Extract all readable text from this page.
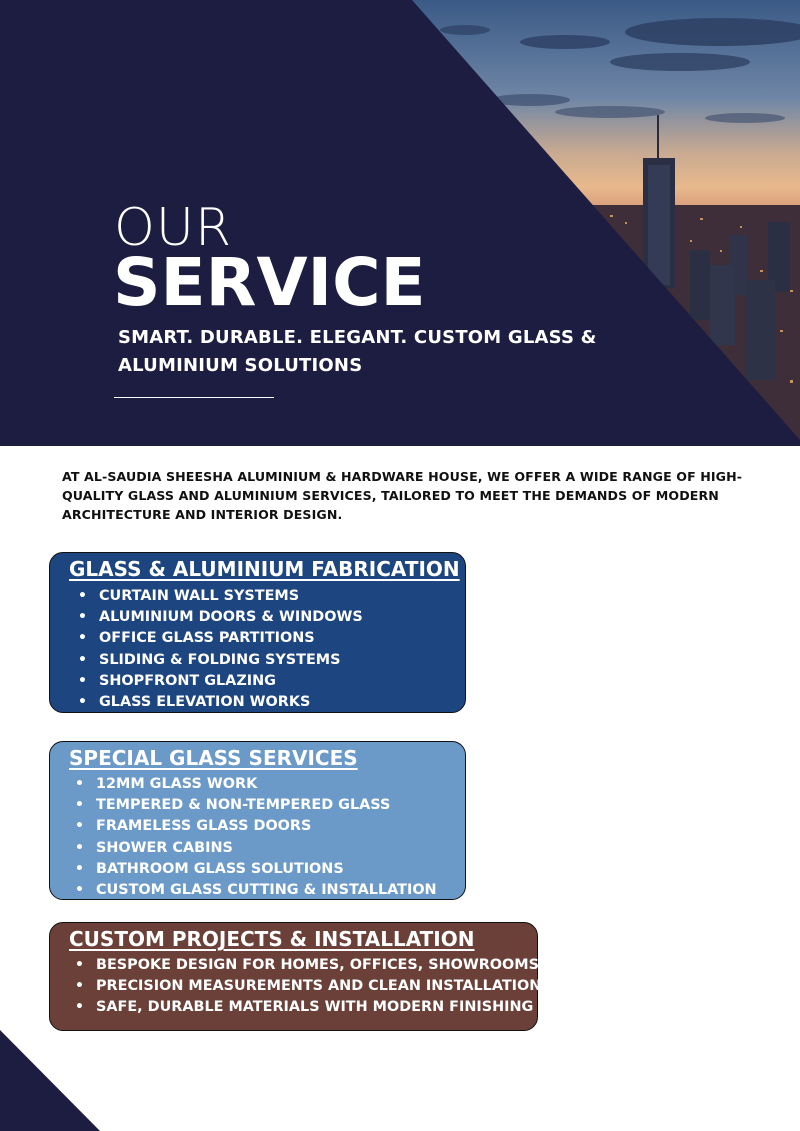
OUR
SERVICE

SMART. DURABLE. ELEGANT. CUSTOM GLASS & ALUMINIUM SOLUTIONS

AT AL-SAUDIA SHEESHA ALUMINIUM & HARDWARE HOUSE, WE OFFER A WIDE RANGE OF HIGH-QUALITY GLASS AND ALUMINIUM SERVICES, TAILORED TO MEET THE DEMANDS OF MODERN ARCHITECTURE AND INTERIOR DESIGN.

GLASS & ALUMINIUM FABRICATION
• CURTAIN WALL SYSTEMS
• ALUMINIUM DOORS & WINDOWS
• OFFICE GLASS PARTITIONS
• SLIDING & FOLDING SYSTEMS
• SHOPFRONT GLAZING
• GLASS ELEVATION WORKS
SPECIAL GLASS SERVICES
• 12MM GLASS WORK
• TEMPERED & NON-TEMPERED GLASS
• FRAMELESS GLASS DOORS
• SHOWER CABINS
• BATHROOM GLASS SOLUTIONS
• CUSTOM GLASS CUTTING & INSTALLATION
CUSTOM PROJECTS & INSTALLATION
• BESPOKE DESIGN FOR HOMES, OFFICES, SHOWROOMS
• PRECISION MEASUREMENTS AND CLEAN INSTALLATION
• SAFE, DURABLE MATERIALS WITH MODERN FINISHING
